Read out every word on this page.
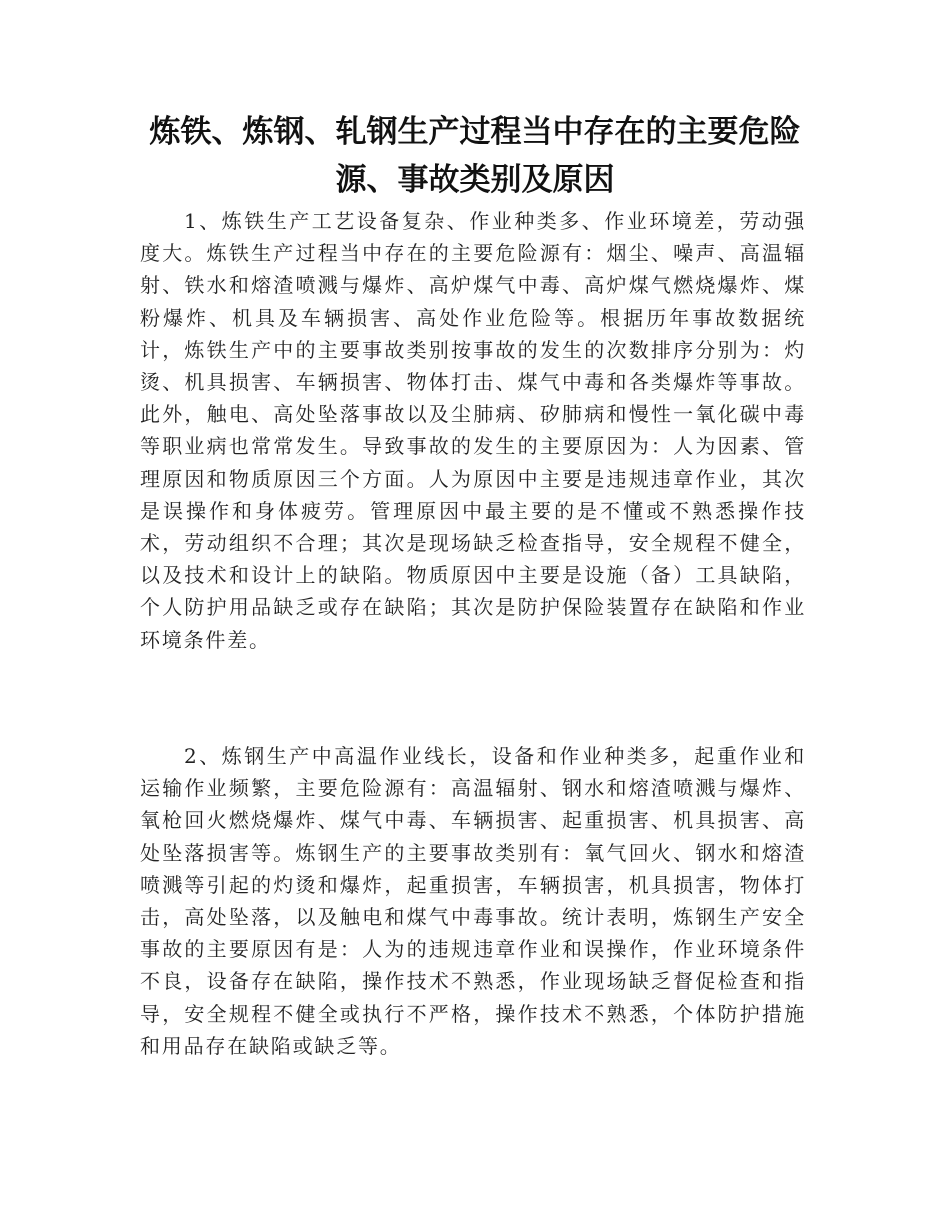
炼铁、炼钢、轧钢生产过程当中存在的主要危险源、事故类别及原因

1、炼铁生产工艺设备复杂、作业种类多、作业环境差，劳动强度大。炼铁生产过程当中存在的主要危险源有：烟尘、噪声、高温辐射、铁水和熔渣喷溅与爆炸、高炉煤气中毒、高炉煤气燃烧爆炸、煤粉爆炸、机具及车辆损害、高处作业危险等。根据历年事故数据统计，炼铁生产中的主要事故类别按事故的发生的次数排序分别为：灼烫、机具损害、车辆损害、物体打击、煤气中毒和各类爆炸等事故。此外，触电、高处坠落事故以及尘肺病、矽肺病和慢性一氧化碳中毒等职业病也常常发生。导致事故的发生的主要原因为：人为因素、管理原因和物质原因三个方面。人为原因中主要是违规违章作业，其次是误操作和身体疲劳。管理原因中最主要的是不懂或不熟悉操作技术，劳动组织不合理；其次是现场缺乏检查指导，安全规程不健全，以及技术和设计上的缺陷。物质原因中主要是设施（备）工具缺陷，个人防护用品缺乏或存在缺陷；其次是防护保险装置存在缺陷和作业环境条件差。

2、炼钢生产中高温作业线长，设备和作业种类多，起重作业和运输作业频繁，主要危险源有：高温辐射、钢水和熔渣喷溅与爆炸、氧枪回火燃烧爆炸、煤气中毒、车辆损害、起重损害、机具损害、高处坠落损害等。炼钢生产的主要事故类别有：氧气回火、钢水和熔渣喷溅等引起的灼烫和爆炸，起重损害，车辆损害，机具损害，物体打击，高处坠落，以及触电和煤气中毒事故。统计表明，炼钢生产安全事故的主要原因有是：人为的违规违章作业和误操作，作业环境条件不良，设备存在缺陷，操作技术不熟悉，作业现场缺乏督促检查和指导，安全规程不健全或执行不严格，操作技术不熟悉，个体防护措施和用品存在缺陷或缺乏等。
